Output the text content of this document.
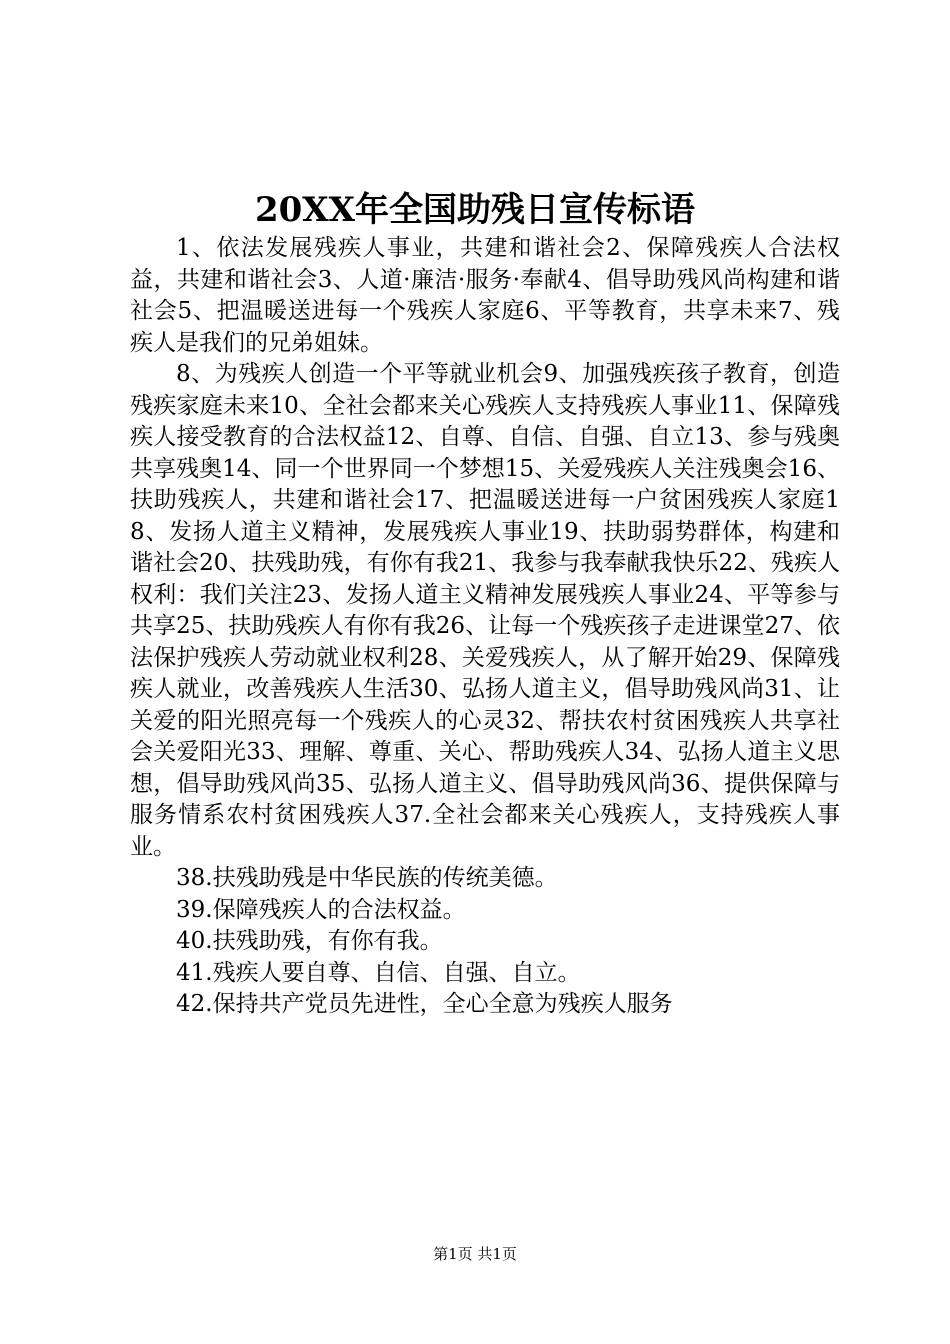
20XX年全国助残日宣传标语

1、依法发展残疾人事业，共建和谐社会2、保障残疾人合法权益，共建和谐社会3、人道·廉洁·服务·奉献4、倡导助残风尚构建和谐社会5、把温暖送进每一个残疾人家庭6、平等教育，共享未来7、残疾人是我们的兄弟姐妹。

8、为残疾人创造一个平等就业机会9、加强残疾孩子教育，创造残疾家庭未来10、全社会都来关心残疾人支持残疾人事业11、保障残疾人接受教育的合法权益12、自尊、自信、自强、自立13、参与残奥共享残奥14、同一个世界同一个梦想15、关爱残疾人关注残奥会16、扶助残疾人，共建和谐社会17、把温暖送进每一户贫困残疾人家庭18、发扬人道主义精神，发展残疾人事业19、扶助弱势群体，构建和谐社会20、扶残助残，有你有我21、我参与我奉献我快乐22、残疾人权利：我们关注23、发扬人道主义精神发展残疾人事业24、平等参与共享25、扶助残疾人有你有我26、让每一个残疾孩子走进课堂27、依法保护残疾人劳动就业权利28、关爱残疾人，从了解开始29、保障残疾人就业，改善残疾人生活30、弘扬人道主义，倡导助残风尚31、让关爱的阳光照亮每一个残疾人的心灵32、帮扶农村贫困残疾人共享社会关爱阳光33、理解、尊重、关心、帮助残疾人34、弘扬人道主义思想，倡导助残风尚35、弘扬人道主义、倡导助残风尚36、提供保障与服务情系农村贫困残疾人37.全社会都来关心残疾人，支持残疾人事业。

38.扶残助残是中华民族的传统美德。

39.保障残疾人的合法权益。

40.扶残助残，有你有我。

41.残疾人要自尊、自信、自强、自立。

42.保持共产党员先进性，全心全意为残疾人服务

第1页 共1页
